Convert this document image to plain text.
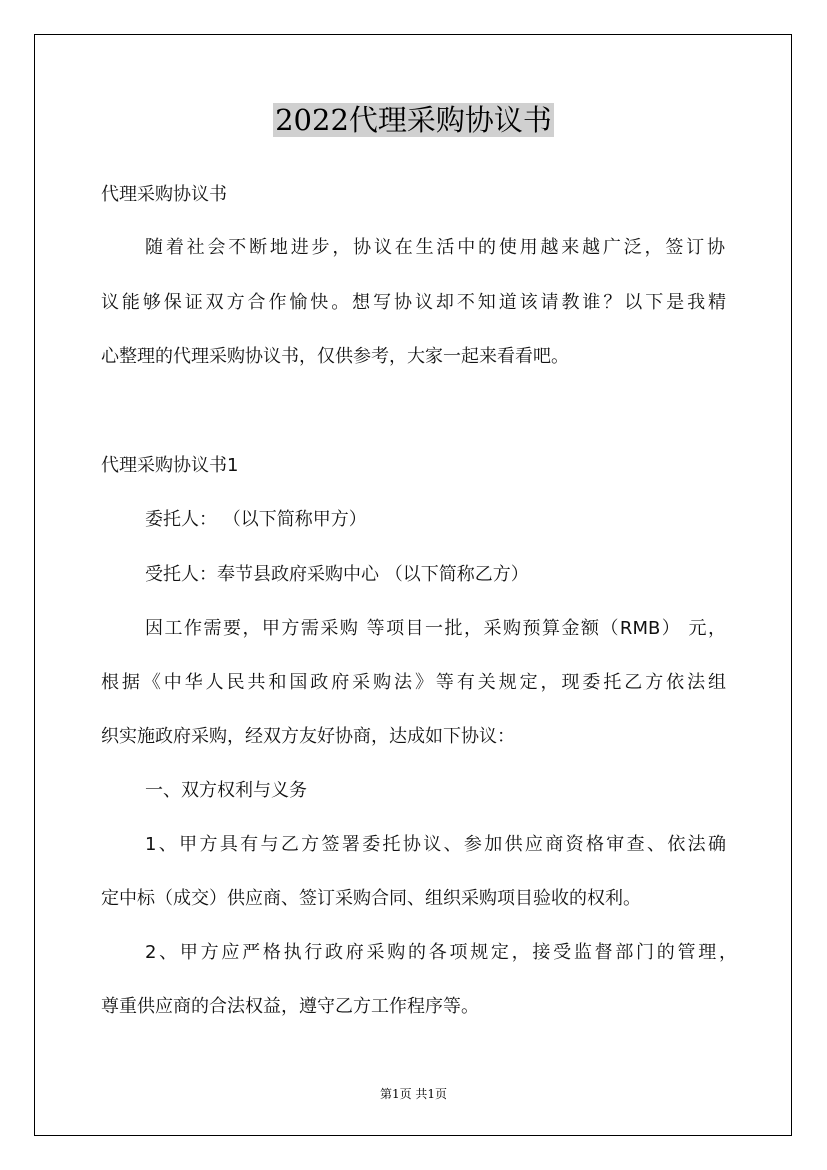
2022代理采购协议书
代理采购协议书
随着社会不断地进步，协议在生活中的使用越来越广泛，签订协
议能够保证双方合作愉快。想写协议却不知道该请教谁？以下是我精
心整理的代理采购协议书，仅供参考，大家一起来看看吧。
代理采购协议书1
委托人： （以下简称甲方）
受托人：奉节县政府采购中心 （以下简称乙方）
因工作需要，甲方需采购 等项目一批，采购预算金额（RMB） 元，
根据《中华人民共和国政府采购法》等有关规定，现委托乙方依法组
织实施政府采购，经双方友好协商，达成如下协议：
一、双方权利与义务
1、甲方具有与乙方签署委托协议、参加供应商资格审查、依法确
定中标（成交）供应商、签订采购合同、组织采购项目验收的权利。
2、甲方应严格执行政府采购的各项规定，接受监督部门的管理，
尊重供应商的合法权益，遵守乙方工作程序等。
第1页 共1页
